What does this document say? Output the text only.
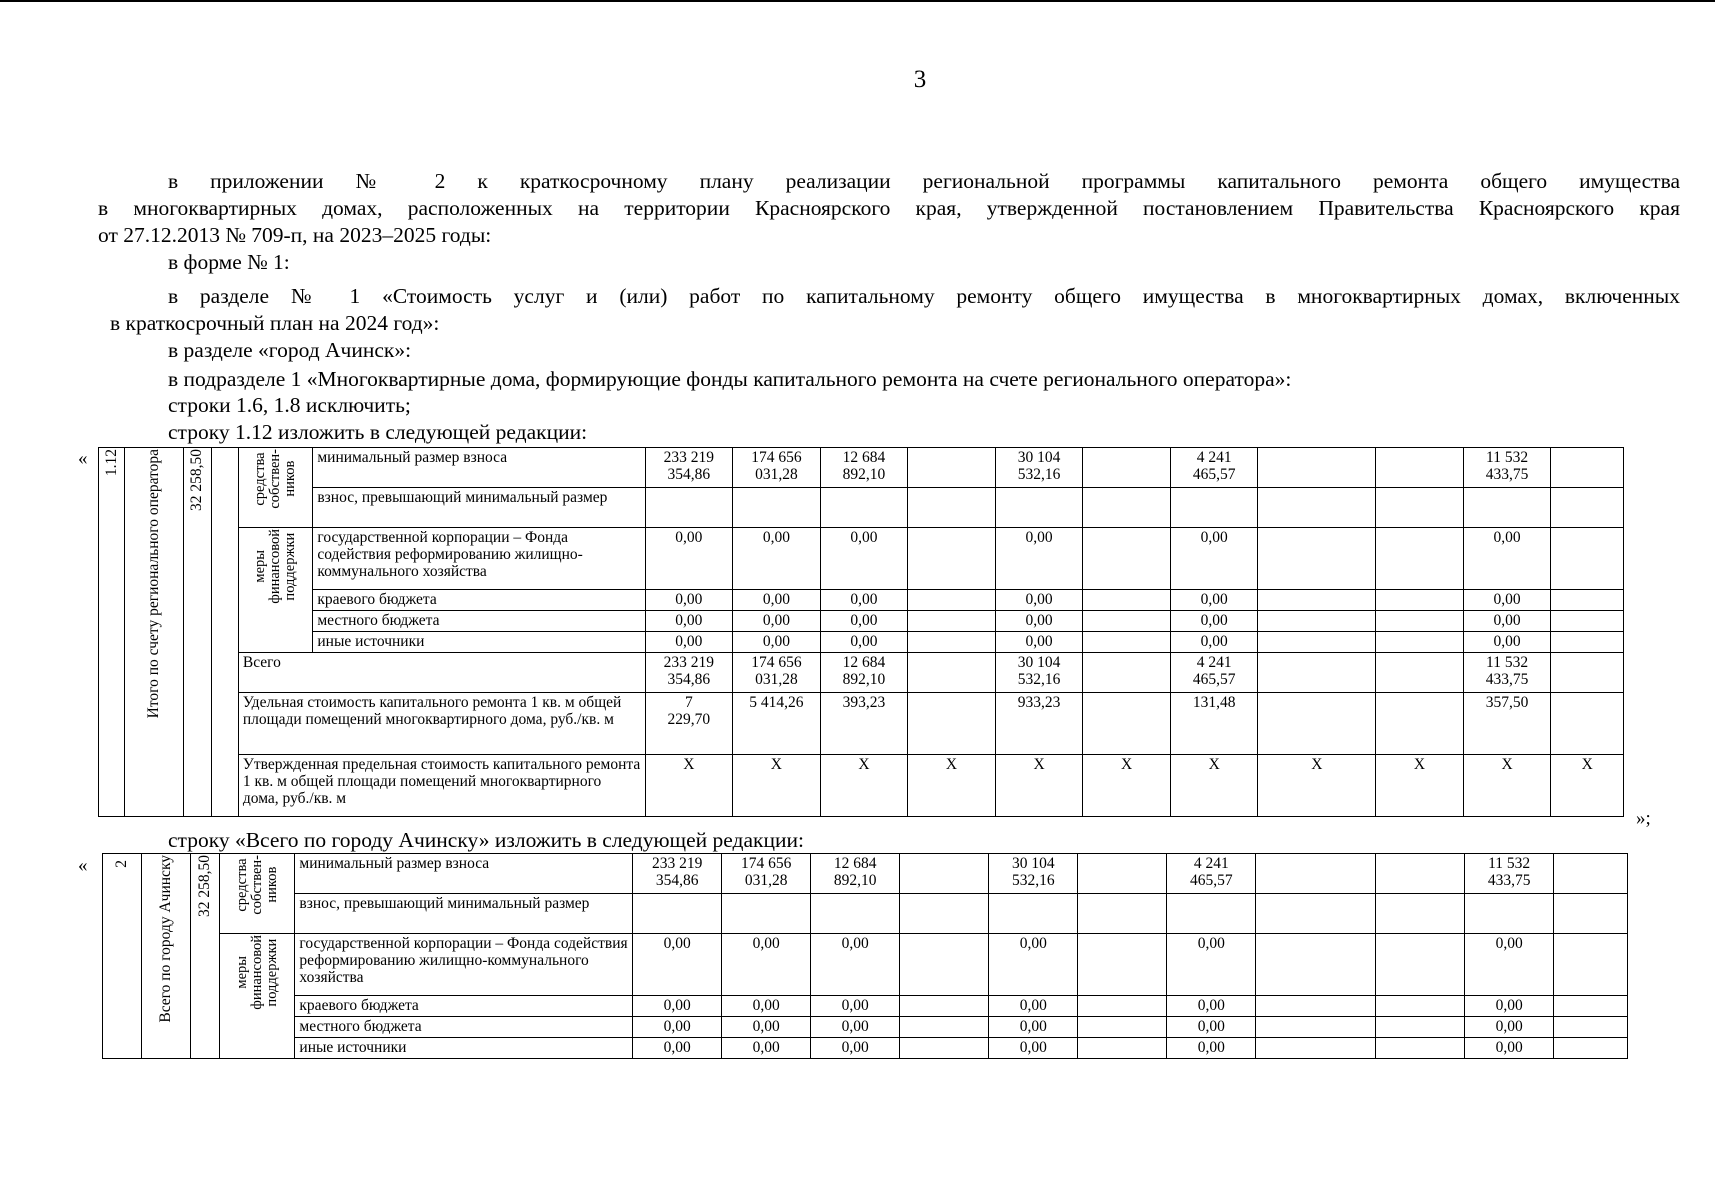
3
в приложении № 2 к краткосрочному плану реализации региональной программы капитального ремонта общего имущества
в многоквартирных домах, расположенных на территории Красноярского края, утвержденной постановлением Правительства Красноярского края
от 27.12.2013 № 709-п, на 2023–2025 годы:
в форме № 1:
в разделе № 1 «Стоимость услуг и (или) работ по капитальному ремонту общего имущества в многоквартирных домах, включенных
в краткосрочный план на 2024 год»:
в разделе «город Ачинск»:
в подразделе 1 «Многоквартирные дома, формирующие фонды капитального ремонта на счете регионального оператора»:
строки 1.6, 1.8 исключить;
строку 1.12 изложить в следующей редакции:
«
»;
1.12	Итого по счету регионального оператора	32 258,50		средства
собствен-
ников	минимальный размер взноса	233 219
354,86	174 656
031,28	12 684
892,10		30 104
532,16		4 241
465,57			11 532
433,75	
					взнос, превышающий минимальный размер											
				меры
финансовой
поддержки	государственной корпорации – Фонда содействия реформированию жилищно-коммунального хозяйства	0,00	0,00	0,00		0,00		0,00			0,00	
					краевого бюджета	0,00	0,00	0,00		0,00		0,00			0,00	
					местного бюджета	0,00	0,00	0,00		0,00		0,00			0,00	
					иные источники	0,00	0,00	0,00		0,00		0,00			0,00	
				Всего		233 219
354,86	174 656
031,28	12 684
892,10		30 104
532,16		4 241
465,57			11 532
433,75	
				Удельная стоимость капитального ремонта 1 кв. м общей площади помещений многоквартирного дома, руб./кв. м		7
229,70	5 414,26	393,23		933,23		131,48			357,50	
				Утвержденная предельная стоимость капитального ремонта 1 кв. м общей площади помещений многоквартирного дома, руб./кв. м		Х	Х	Х	Х	Х	Х	Х	Х	Х	Х	Х
строку «Всего по городу Ачинску» изложить в следующей редакции:
« 2	Всего по городу Ачинску	32 258,50	средства
собствен-
ников	минимальный размер взноса	233 219
354,86	174 656
031,28	12 684
892,10		30 104
532,16		4 241
465,57			11 532
433,75	
				взнос, превышающий минимальный размер											
			меры
финансовой
поддержки	государственной корпорации – Фонда содействия реформированию жилищно-коммунального хозяйства	0,00	0,00	0,00		0,00		0,00			0,00	
				краевого бюджета	0,00	0,00	0,00		0,00		0,00			0,00	
				местного бюджета	0,00	0,00	0,00		0,00		0,00			0,00	
				иные источники	0,00	0,00	0,00		0,00		0,00			0,00	
